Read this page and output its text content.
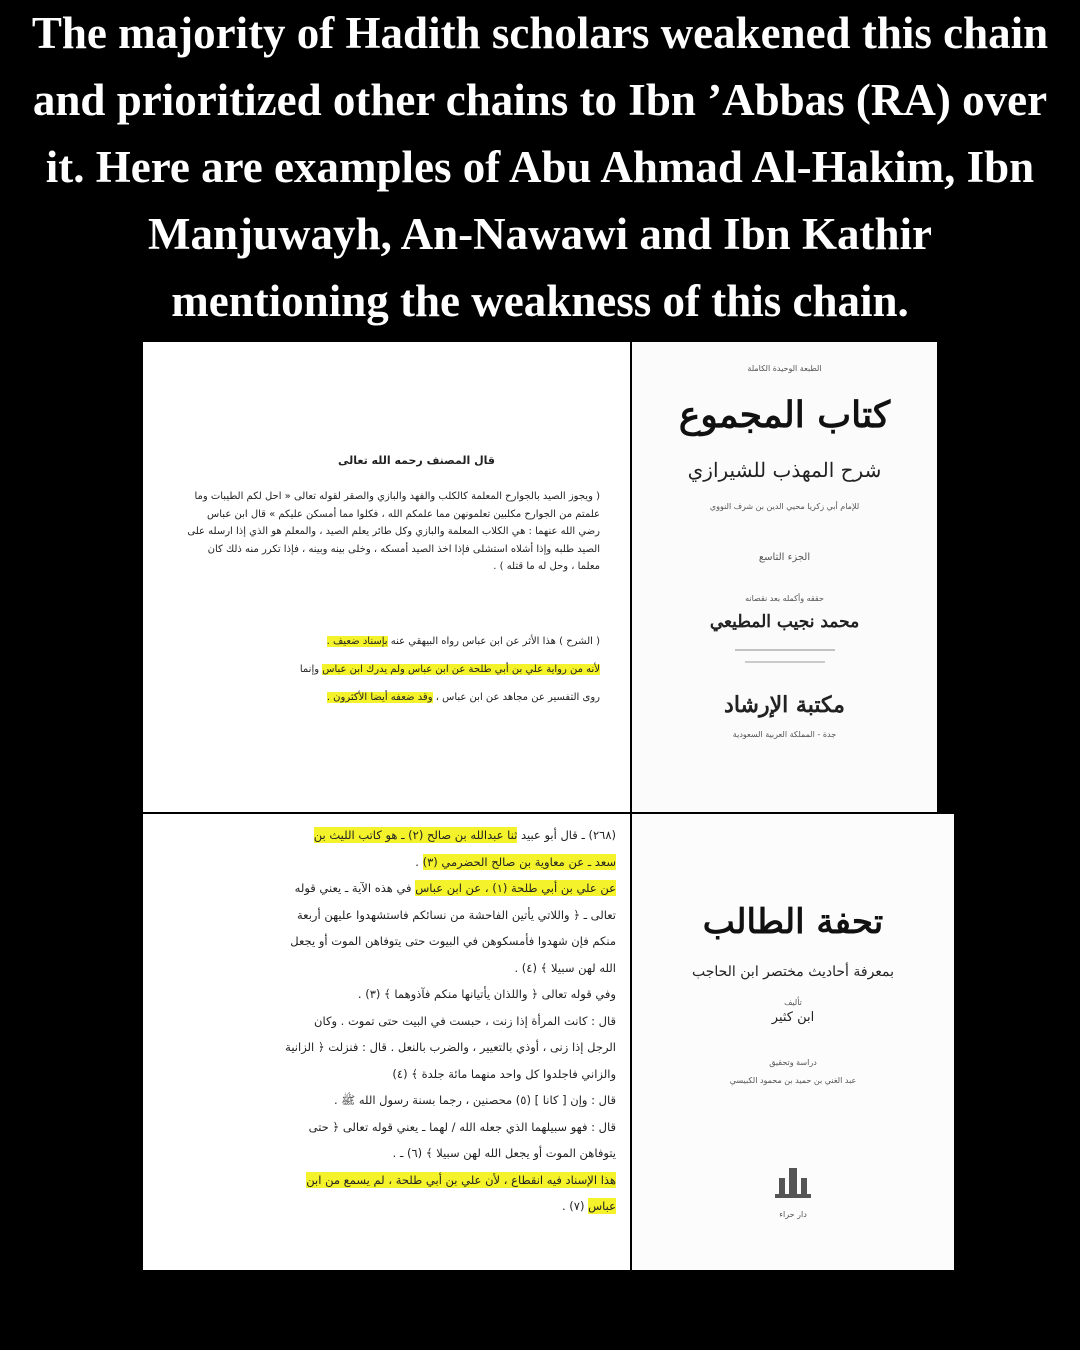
The majority of Hadith scholars weakened this chain
and prioritized other chains to Ibn ’Abbas (RA) over
it. Here are examples of Abu Ahmad Al-Hakim, Ibn
Manjuwayh, An-Nawawi and Ibn Kathir
mentioning the weakness of this chain.

قال المصنف رحمه الله تعالى

( ويجوز الصيد بالجوارح المعلمة كالكلب والفهد والبازي والصقر لقوله تعالى « احل لكم الطيبات وما علمتم من الجوارح مكلبين تعلمونهن مما علمكم الله ، فكلوا مما أمسكن عليكم » قال ابن عباس رضي الله عنهما : هي الكلاب المعلمة والبازي وكل طائر يعلم الصيد ، والمعلم هو الذي إذا ارسله على الصيد طلبه وإذا أشلاه استشلى فإذا اخذ الصيد أمسكه ، وخلى بينه وبينه ، فإذا تكرر منه ذلك كان معلما ، وحل له ما قتله ) .

( الشرح ) هذا الأثر عن ابن عباس رواه البيهقي عنه بإسناد ضعيف .
لأنه من رواية علي بن أبي طلحة عن ابن عباس ولم يدرك ابن عباس وإنما
روى التفسير عن مجاهد عن ابن عباس ، وقد ضعفه أيضا الأكثرون .
الطبعة الوحيدة الكاملة
كتاب المجموع
شرح المهذب للشيرازي
للإمام أبي زكريا محيي الدين بن شرف النووي
الجزء التاسع
حققه وأكمله بعد نقصانه
محمد نجيب المطيعي
مكتبة الإرشاد
جدة - المملكة العربية السعودية
(٢٦٨) ـ قال أبو عبيد ثنا عبدالله بن صالح (٢) ـ هو كاتب الليث بن
سعد ـ عن معاوية بن صالح الحضرمي (٣) .
عن علي بن أبي طلحة (١) ، عن ابن عباس في هذه الآية ـ يعني قوله
تعالى ـ ﴿ واللاتي يأتين الفاحشة من نسائكم فاستشهدوا عليهن أربعة
منكم فإن شهدوا فأمسكوهن في البيوت حتى يتوفاهن الموت أو يجعل
الله لهن سبيلا ﴾ (٤) .
وفي قوله تعالى ﴿ واللذان يأتيانها منكم فآذوهما ﴾ (٣) .
قال : كانت المرأة إذا زنت ، حبست في البيت حتى تموت . وكان
الرجل إذا زنى ، أوذي بالتعيير ، والضرب بالنعل . قال : فنزلت ﴿ الزانية
والزاني فاجلدوا كل واحد منهما مائة جلدة ﴾ (٤)
قال : وإن [ كانا ] (٥) محصنين ، رجما بسنة رسول الله ﷺ .
قال : فهو سبيلهما الذي جعله الله / لهما ـ يعني قوله تعالى ﴿ حتى
يتوفاهن الموت أو يجعل الله لهن سبيلا ﴾ (٦) ـ .
هذا الإسناد فيه انقطاع ، لأن علي بن أبي طلحة ، لم يسمع من ابن
عباس (٧) .
تحفة الطالب
بمعرفة أحاديث مختصر ابن الحاجب
تأليف
ابن كثير
دراسة وتحقيق
عبد الغني بن حميد بن محمود الكبيسي
دار حراء
